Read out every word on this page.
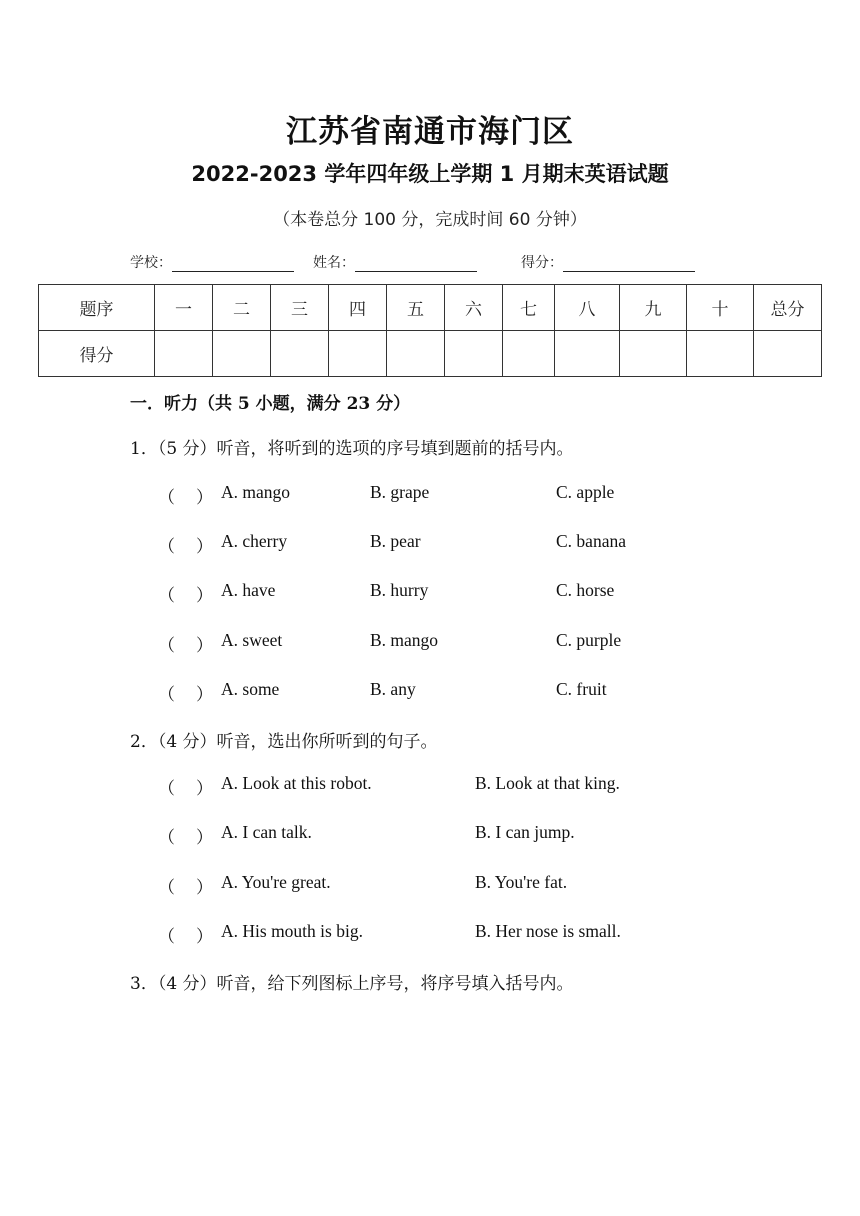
江苏省南通市海门区
2022-2023 学年四年级上学期 1 月期末英语试题
（本卷总分 100 分，完成时间 60 分钟）
学校：	姓名：	得分：
题序	一	二	三	四	五	六	七	八	九	十	总分
得分											
一．听力（共 5 小题，满分 23 分）
1．（5 分）听音，将听到的选项的序号填到题前的括号内。
（ ） A. mango	B. grape	C. apple
（ ） A. cherry	B. pear	C. banana
（ ） A. have	B. hurry	C. horse
（ ） A. sweet	B. mango	C. purple
（ ） A. some	B. any	C. fruit
2．（4 分）听音，选出你所听到的句子。
（ ） A. Look at this robot.	B. Look at that king.
（ ） A. I can talk.	B. I can jump.
（ ） A. You're great.	B. You're fat.
（ ） A. His mouth is big.	B. Her nose is small.
3．（4 分）听音，给下列图标上序号，将序号填入括号内。
